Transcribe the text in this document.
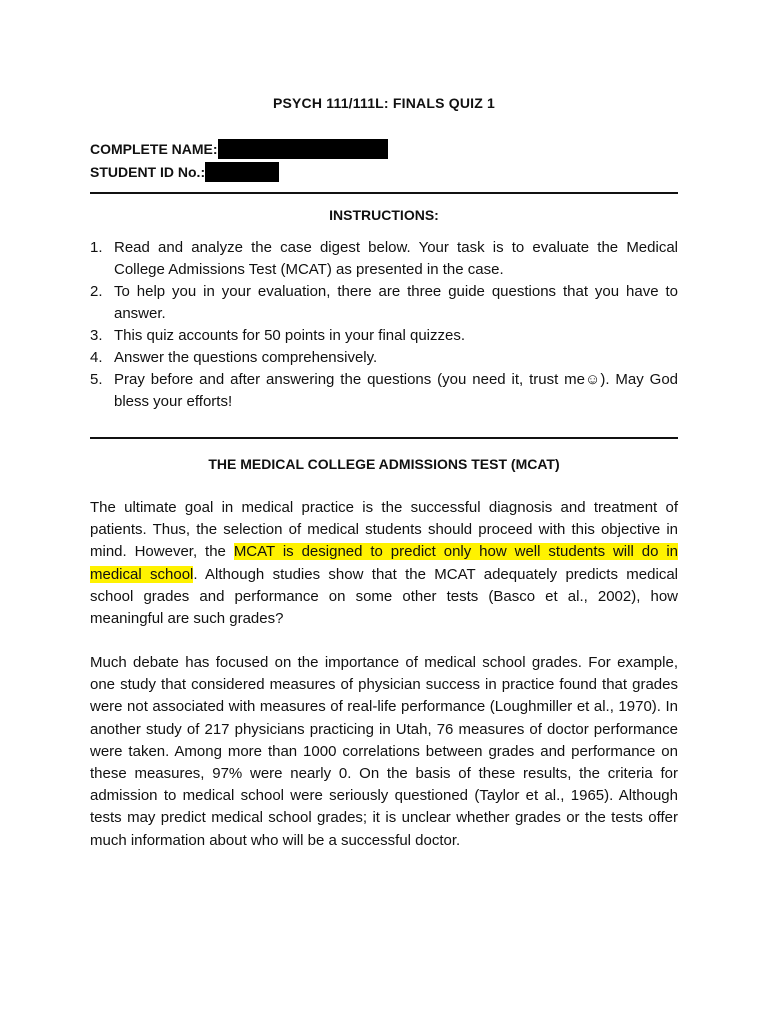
PSYCH 111/111L: FINALS QUIZ 1
COMPLETE NAME:
STUDENT ID No.:
INSTRUCTIONS:
1. Read and analyze the case digest below. Your task is to evaluate the Medical College Admissions Test (MCAT) as presented in the case.
2. To help you in your evaluation, there are three guide questions that you have to answer.
3. This quiz accounts for 50 points in your final quizzes.
4. Answer the questions comprehensively.
5. Pray before and after answering the questions (you need it, trust me☺). May God bless your efforts!
THE MEDICAL COLLEGE ADMISSIONS TEST (MCAT)

The ultimate goal in medical practice is the successful diagnosis and treatment of patients. Thus, the selection of medical students should proceed with this objective in mind. However, the MCAT is designed to predict only how well students will do in medical school. Although studies show that the MCAT adequately predicts medical school grades and performance on some other tests (Basco et al., 2002), how meaningful are such grades?

Much debate has focused on the importance of medical school grades. For example, one study that considered measures of physician success in practice found that grades were not associated with measures of real-life performance (Loughmiller et al., 1970). In another study of 217 physicians practicing in Utah, 76 measures of doctor performance were taken. Among more than 1000 correlations between grades and performance on these measures, 97% were nearly 0. On the basis of these results, the criteria for admission to medical school were seriously questioned (Taylor et al., 1965). Although tests may predict medical school grades; it is unclear whether grades or the tests offer much information about who will be a successful doctor.
